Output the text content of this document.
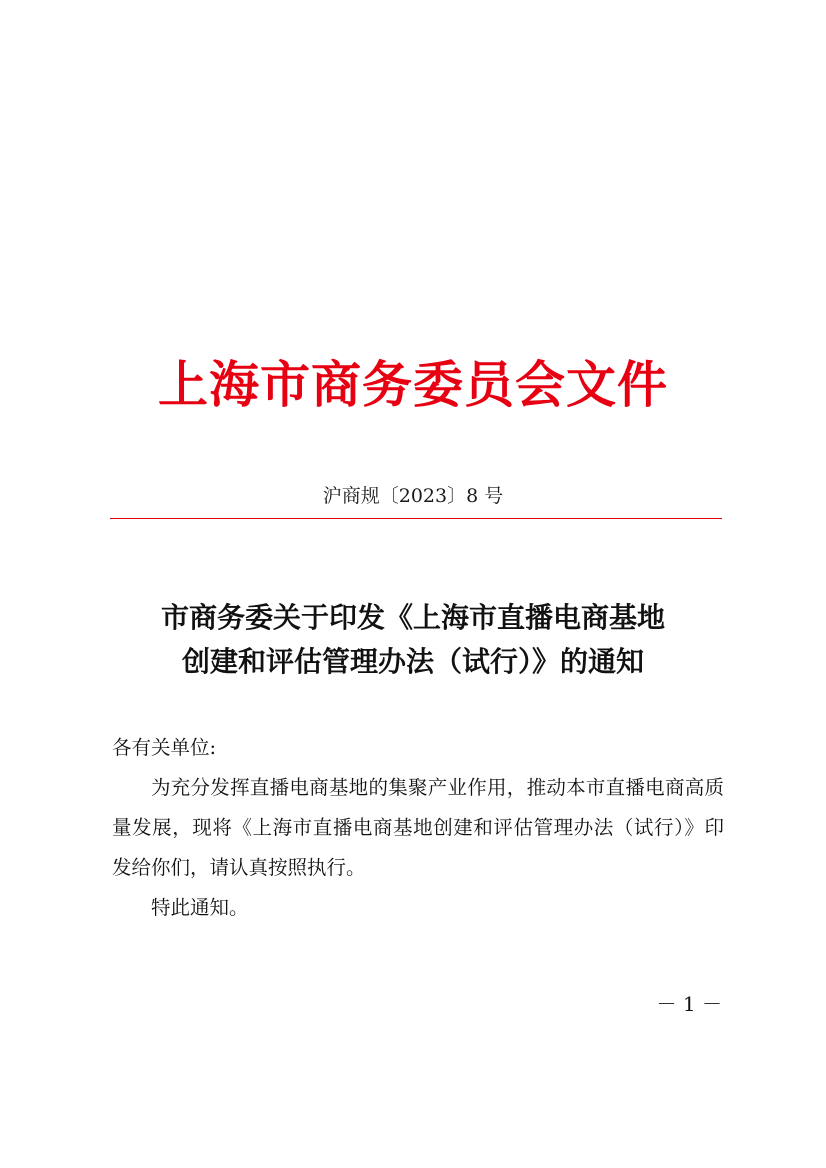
上海市商务委员会文件
沪商规〔2023〕8 号
市商务委关于印发《上海市直播电商基地
创建和评估管理办法（试行）》的通知
各有关单位:
为充分发挥直播电商基地的集聚产业作用，推动本市直播电商高质量发展，现将《上海市直播电商基地创建和评估管理办法（试行）》印发给你们，请认真按照执行。
特此通知。
－ 1 －
